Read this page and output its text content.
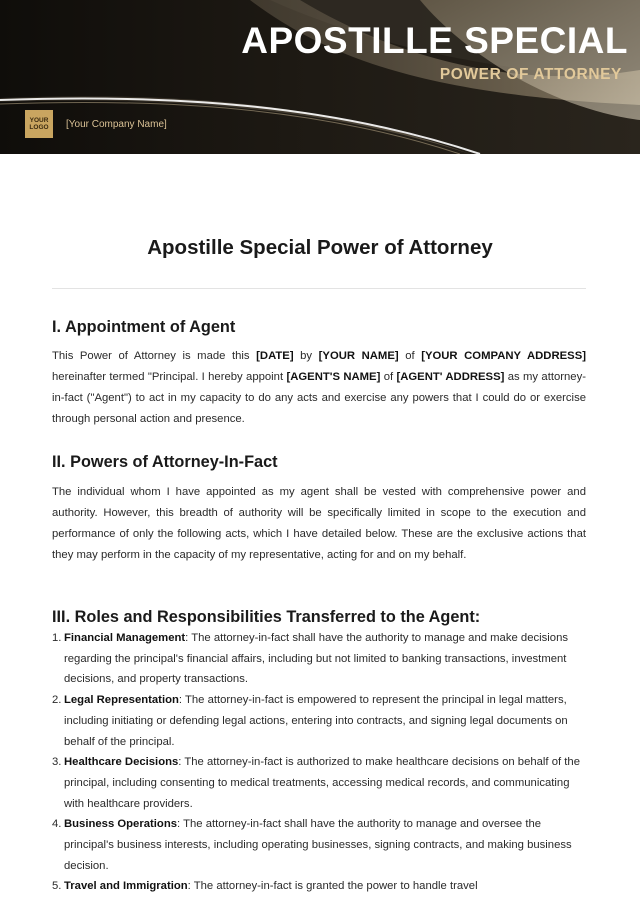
APOSTILLE SPECIAL
POWER OF ATTORNEY
YOUR
LOGO [Your Company Name]
Apostille Special Power of Attorney
I. Appointment of Agent

This Power of Attorney is made this [DATE] by [YOUR NAME] of [YOUR COMPANY ADDRESS] hereinafter termed "Principal. I hereby appoint [AGENT'S NAME] of [AGENT' ADDRESS] as my attorney-in-fact ("Agent") to act in my capacity to do any acts and exercise any powers that I could do or exercise through personal action and presence.

II. Powers of Attorney-In-Fact

The individual whom I have appointed as my agent shall be vested with comprehensive power and authority. However, this breadth of authority will be specifically limited in scope to the execution and performance of only the following acts, which I have detailed below. These are the exclusive actions that they may perform in the capacity of my representative, acting for and on my behalf.

III. Roles and Responsibilities Transferred to the Agent:
1. Financial Management: The attorney-in-fact shall have the authority to manage and make decisions regarding the principal's financial affairs, including but not limited to banking transactions, investment decisions, and property transactions.
2. Legal Representation: The attorney-in-fact is empowered to represent the principal in legal matters, including initiating or defending legal actions, entering into contracts, and signing legal documents on behalf of the principal.
3. Healthcare Decisions: The attorney-in-fact is authorized to make healthcare decisions on behalf of the principal, including consenting to medical treatments, accessing medical records, and communicating with healthcare providers.
4. Business Operations: The attorney-in-fact shall have the authority to manage and oversee the principal's business interests, including operating businesses, signing contracts, and making business decision.
5. Travel and Immigration: The attorney-in-fact is granted the power to handle travel
